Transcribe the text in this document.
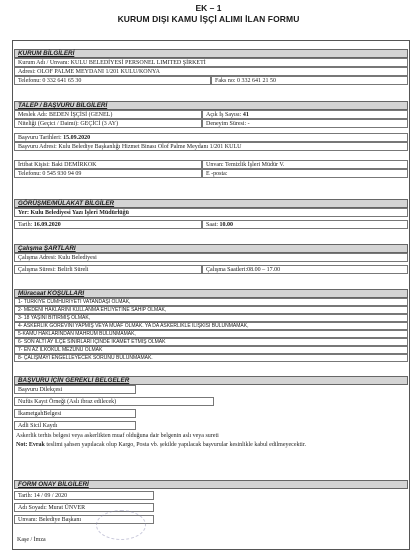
EK – 1
KURUM DIŞI KAMU İŞÇİ ALIMI İLAN FORMU
KURUM BİLGİLERİ
Kurum Adı / Unvanı: KULU BELEDİYESİ PERSONEL LIMITED ŞİRKETİ
Adresi: OLOF PALME MEYDANI 1/201 KULU/KONYA
Telefonu: 0 332 641 65 30	Faks no: 0 332 641 21 50
TALEP / BAŞVURU BİLGİLERİ
Meslek Adı: BEDEN İŞÇİSİ (GENEL)	Açık İş Sayısı: 41
Niteliği (Geçici / Daimi): GEÇİCİ (3 AY)	Deneyim Süresi: -
Başvuru Tarihleri: 15.09.2020
Başvuru Adresi: Kulu Belediye Başkanlığı Hizmet Binası Olof Palme Meydanı 1/201 KULU
İrtibat Kişisi: Baki DEMİRKOK	Unvan: Temizlik İşleri Müdür V.
Telefonu: 0 545 930 94 09	E -posta:
GÖRÜŞME/MÜLAKAT BİLGİLER
Yer: Kulu Belediyesi Yazı İşleri Müdürlüğü
Tarih: 16.09.2020	Saat: 10.00
Çalışma ŞARTLARI
Çalışma Adresi: Kulu Belediyesi
Çalışma Süresi: Belirli Süreli	Çalışma Saatleri:08.00 – 17.00
Müracaat KOŞULLARI
1- TÜRKİYE CUMHURİYETİ VATANDAŞI OLMAK,
2- MEDENİ HAKLARINI KULLANMA EHLİYETİNE SAHİP OLMAK,
3- 18 YAŞINI BİTİRMİŞ OLMAK,
4- ASKERLİK GÖREVİNİ YAPMIŞ VEYA MUAF OLMAK. YA DA ASKERLİKLE İLİŞKİSİ BULUNMAMAK,
5-KAMU HAKLARINDAN MAHRUM BULUNMAMAK,
6- SON ALTI AY İLÇE SINIRLARI İÇİNDE İKAMET ETMİŞ OLMAK
7- EN AZ İLKOKUL MEZUNU OLMAK
8- ÇALIŞMAYI ENGELLEYECEK SORUNU BULUNMAMAK.
BAŞVURU İÇİN GEREKLİ BELGELER
Başvuru Dilekçesi
Nufüs Kayıt Örneği (Aslı ibraz edilecek)
İkametgahBelgesi
Adli Sicil Kaydı
Askerlik terhis belgesi veya askerlikten muaf olduğuna dair belgenin aslı veya sureti
Not: Evrak teslimi şahsen yapılacak olup Kargo, Posta vb. şekilde yapılacak başvurular kesinlikle kabul edilmeyecektir.
FORM ONAY BİLGİLERİ
Tarih: 14 / 09 / 2020
Adı Soyadı: Murat ÜNVER
Unvanı: Belediye Başkanı
Kaşe / İmza
